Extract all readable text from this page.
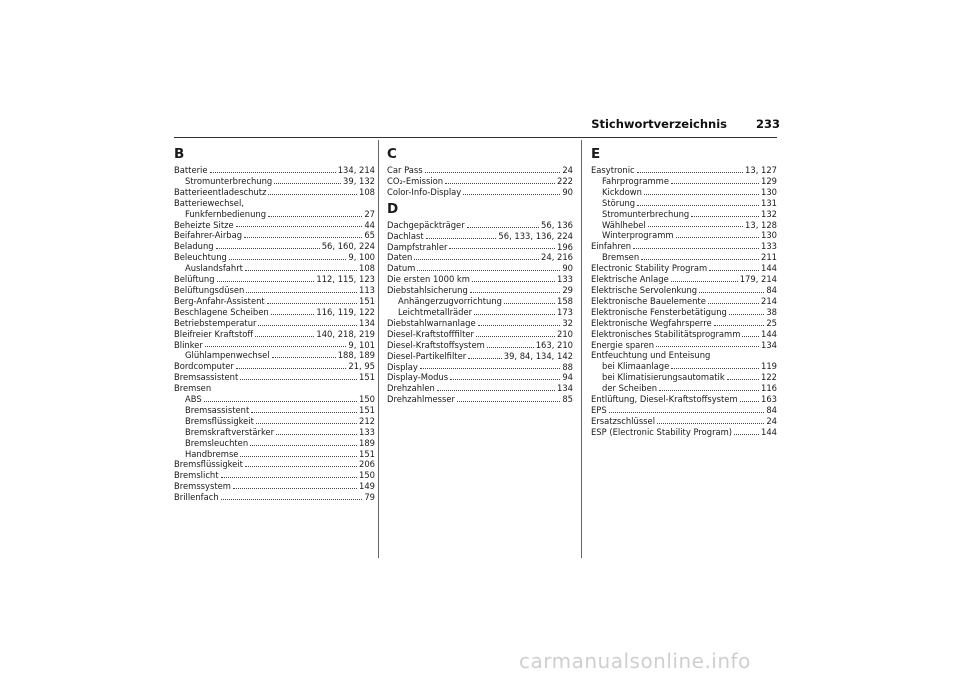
Stichwortverzeichnis	233
B
Batterie	134, 214
Stromunterbrechung	39, 132
Batterieentladeschutz	108
Batteriewechsel,
Funkfernbedienung	27
Beheizte Sitze	44
Beifahrer-Airbag	65
Beladung	56, 160, 224
Beleuchtung	9, 100
Auslandsfahrt	108
Belüftung	112, 115, 123
Belüftungsdüsen	113
Berg-Anfahr-Assistent	151
Beschlagene Scheiben	116, 119, 122
Betriebstemperatur	134
Bleifreier Kraftstoff	140, 218, 219
Blinker	9, 101
Glühlampenwechsel	188, 189
Bordcomputer	21, 95
Bremsassistent	151
Bremsen
ABS	150
Bremsassistent	151
Bremsflüssigkeit	212
Bremskraftverstärker	133
Bremsleuchten	189
Handbremse	151
Bremsflüssigkeit	206
Bremslicht	150
Bremssystem	149
Brillenfach	79
C
Car Pass	24
CO₂-Emission	222
Color-Info-Display	90
D
Dachgepäckträger	56, 136
Dachlast	56, 133, 136, 224
Dampfstrahler	196
Daten	24, 216
Datum	90
Die ersten 1000 km	133
Diebstahlsicherung	29
Anhängerzugvorrichtung	158
Leichtmetallräder	173
Diebstahlwarnanlage	32
Diesel-Kraftstofffilter	210
Diesel-Kraftstoffsystem	163, 210
Diesel-Partikelfilter	39, 84, 134, 142
Display	88
Display-Modus	94
Drehzahlen	134
Drehzahlmesser	85
E
Easytronic	13, 127
Fahrprogramme	129
Kickdown	130
Störung	131
Stromunterbrechung	132
Wählhebel	13, 128
Winterprogramm	130
Einfahren	133
Bremsen	211
Electronic Stability Program	144
Elektrische Anlage	179, 214
Elektrische Servolenkung	84
Elektronische Bauelemente	214
Elektronische Fensterbetätigung	38
Elektronische Wegfahrsperre	25
Elektronisches Stabilitätsprogramm 144
Energie sparen	134
Entfeuchtung und Enteisung
bei Klimaanlage	119
bei Klimatisierungsautomatik	122
der Scheiben	116
Entlüftung, Diesel-Kraftstoffsystem	163
EPS	84
Ersatzschlüssel	24
ESP (Electronic Stability Program)	144
carmanualsonline.info
